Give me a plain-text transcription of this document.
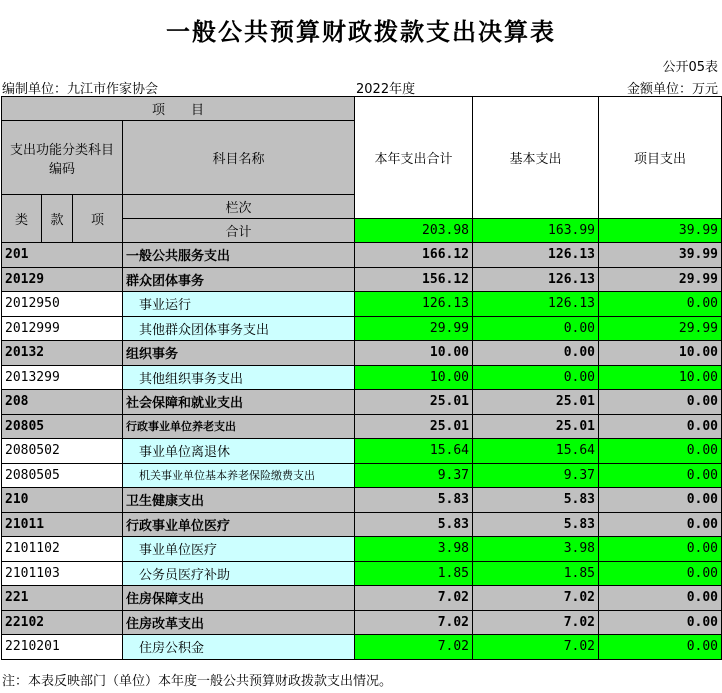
一般公共预算财政拨款支出决算表
公开05表
编制单位：九江市作家协会	2022年度	金额单位：万元
项　　目				本年支出合计	基本支出	项目支出	
支出功能分类科目编码			科目名称				
类	款	项	栏次			
			合计	203.98	163.99	39.99	
201			一般公共服务支出	166.12	126.13	39.99	
20129			群众团体事务	156.12	126.13	29.99	
2012950			事业运行	126.13	126.13	0.00	
2012999			其他群众团体事务支出	29.99	0.00	29.99	
20132			组织事务	10.00	0.00	10.00	
2013299			其他组织事务支出	10.00	0.00	10.00	
208			社会保障和就业支出	25.01	25.01	0.00	
20805			行政事业单位养老支出	25.01	25.01	0.00	
2080502			事业单位离退休	15.64	15.64	0.00	
2080505			机关事业单位基本养老保险缴费支出	9.37	9.37	0.00	
210			卫生健康支出	5.83	5.83	0.00	
21011			行政事业单位医疗	5.83	5.83	0.00	
2101102			事业单位医疗	3.98	3.98	0.00	
2101103			公务员医疗补助	1.85	1.85	0.00	
221			住房保障支出	7.02	7.02	0.00	
22102			住房改革支出	7.02	7.02	0.00	
2210201			住房公积金	7.02	7.02	0.00	
注：本表反映部门（单位）本年度一般公共预算财政拨款支出情况。
